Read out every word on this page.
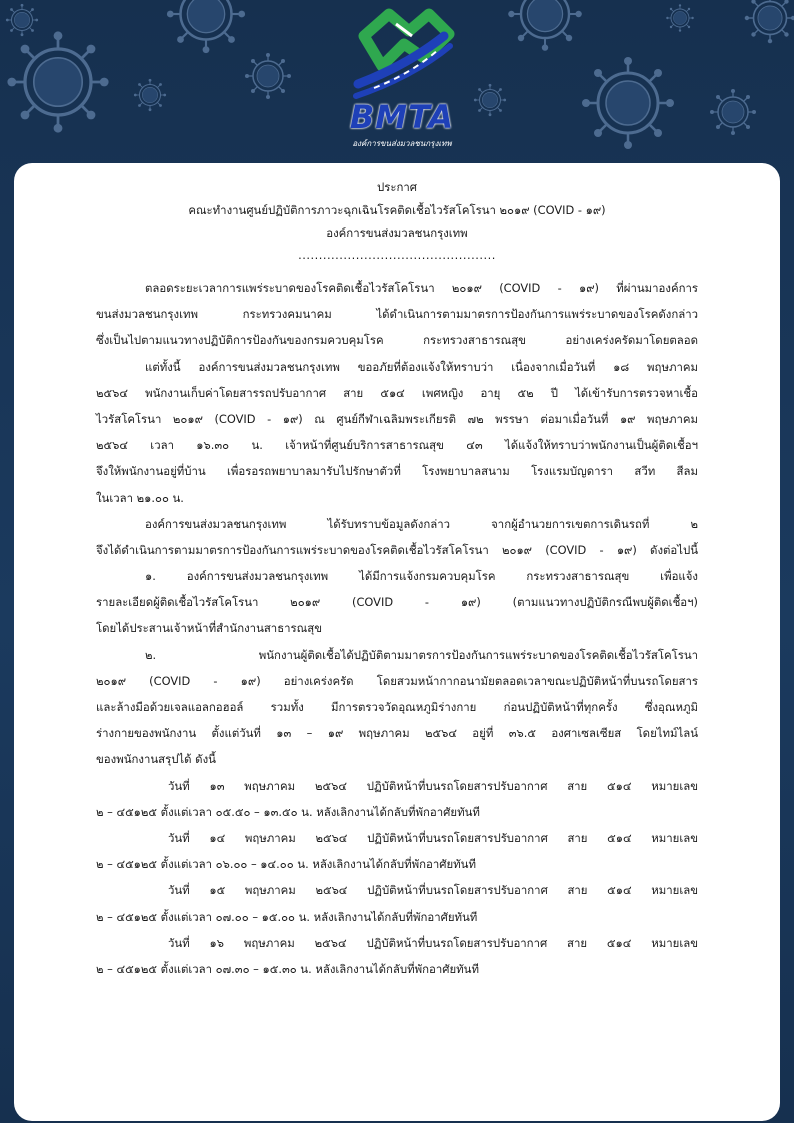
BMTA
องค์การขนส่งมวลชนกรุงเทพ
ประกาศ
คณะทำงานศูนย์ปฏิบัติการภาวะฉุกเฉินโรคติดเชื้อไวรัสโคโรนา ๒๐๑๙ (COVID - ๑๙)
องค์การขนส่งมวลชนกรุงเทพ
................................................

ตลอดระยะเวลาการแพร่ระบาดของโรคติดเชื้อไวรัสโคโรนา ๒๐๑๙ (COVID - ๑๙) ที่ผ่านมาองค์การ

ขนส่งมวลชนกรุงเทพ กระทรวงคมนาคม ได้ดำเนินการตามมาตรการป้องกันการแพร่ระบาดของโรคดังกล่าว

ซึ่งเป็นไปตามแนวทางปฏิบัติการป้องกันของกรมควบคุมโรค กระทรวงสาธารณสุข อย่างเคร่งครัดมาโดยตลอด

แต่ทั้งนี้ องค์การขนส่งมวลชนกรุงเทพ ขออภัยที่ต้องแจ้งให้ทราบว่า เนื่องจากเมื่อวันที่ ๑๘ พฤษภาคม

๒๕๖๔ พนักงานเก็บค่าโดยสารรถปรับอากาศ สาย ๕๑๔ เพศหญิง อายุ ๕๒ ปี ได้เข้ารับการตรวจหาเชื้อ

ไวรัสโคโรนา ๒๐๑๙ (COVID - ๑๙) ณ ศูนย์กีฬาเฉลิมพระเกียรติ ๗๒ พรรษา ต่อมาเมื่อวันที่ ๑๙ พฤษภาคม

๒๕๖๔ เวลา ๑๖.๓๐ น. เจ้าหน้าที่ศูนย์บริการสาธารณสุข ๔๓ ได้แจ้งให้ทราบว่าพนักงานเป็นผู้ติดเชื้อฯ

จึงให้พนักงานอยู่ที่บ้าน เพื่อรอรถพยาบาลมารับไปรักษาตัวที่ โรงพยาบาลสนาม โรงแรมบัญดารา สวีท สีลม

ในเวลา ๒๑.๐๐ น.

องค์การขนส่งมวลชนกรุงเทพ ได้รับทราบข้อมูลดังกล่าว จากผู้อำนวยการเขตการเดินรถที่ ๒

จึงได้ดำเนินการตามมาตรการป้องกันการแพร่ระบาดของโรคติดเชื้อไวรัสโคโรนา ๒๐๑๙ (COVID - ๑๙) ดังต่อไปนี้

๑. องค์การขนส่งมวลชนกรุงเทพ ได้มีการแจ้งกรมควบคุมโรค กระทรวงสาธารณสุข เพื่อแจ้ง

รายละเอียดผู้ติดเชื้อไวรัสโคโรนา ๒๐๑๙ (COVID - ๑๙) (ตามแนวทางปฏิบัติกรณีพบผู้ติดเชื้อฯ)

โดยได้ประสานเจ้าหน้าที่สำนักงานสาธารณสุข

๒. พนักงานผู้ติดเชื้อได้ปฏิบัติตามมาตรการป้องกันการแพร่ระบาดของโรคติดเชื้อไวรัสโคโรนา

๒๐๑๙ (COVID - ๑๙) อย่างเคร่งครัด โดยสวมหน้ากากอนามัยตลอดเวลาขณะปฏิบัติหน้าที่บนรถโดยสาร

และล้างมือด้วยเจลแอลกอฮอล์ รวมทั้ง มีการตรวจวัดอุณหภูมิร่างกาย ก่อนปฏิบัติหน้าที่ทุกครั้ง ซึ่งอุณหภูมิ

ร่างกายของพนักงาน ตั้งแต่วันที่ ๑๓ – ๑๙ พฤษภาคม ๒๕๖๔ อยู่ที่ ๓๖.๕ องศาเซลเซียส โดยไทม์ไลน์

ของพนักงานสรุปได้ ดังนี้

วันที่ ๑๓ พฤษภาคม ๒๕๖๔ ปฏิบัติหน้าที่บนรถโดยสารปรับอากาศ สาย ๕๑๔ หมายเลข

๒ – ๔๕๑๒๕ ตั้งแต่เวลา ๐๕.๕๐ – ๑๓.๕๐ น. หลังเลิกงานได้กลับที่พักอาศัยทันที

วันที่ ๑๔ พฤษภาคม ๒๕๖๔ ปฏิบัติหน้าที่บนรถโดยสารปรับอากาศ สาย ๕๑๔ หมายเลข

๒ – ๔๕๑๒๕ ตั้งแต่เวลา ๐๖.๐๐ – ๑๔.๐๐ น. หลังเลิกงานได้กลับที่พักอาศัยทันที

วันที่ ๑๕ พฤษภาคม ๒๕๖๔ ปฏิบัติหน้าที่บนรถโดยสารปรับอากาศ สาย ๕๑๔ หมายเลข

๒ – ๔๕๑๒๕ ตั้งแต่เวลา ๐๗.๐๐ – ๑๕.๐๐ น. หลังเลิกงานได้กลับที่พักอาศัยทันที

วันที่ ๑๖ พฤษภาคม ๒๕๖๔ ปฏิบัติหน้าที่บนรถโดยสารปรับอากาศ สาย ๕๑๔ หมายเลข

๒ – ๔๕๑๒๕ ตั้งแต่เวลา ๐๗.๓๐ – ๑๕.๓๐ น. หลังเลิกงานได้กลับที่พักอาศัยทันที
